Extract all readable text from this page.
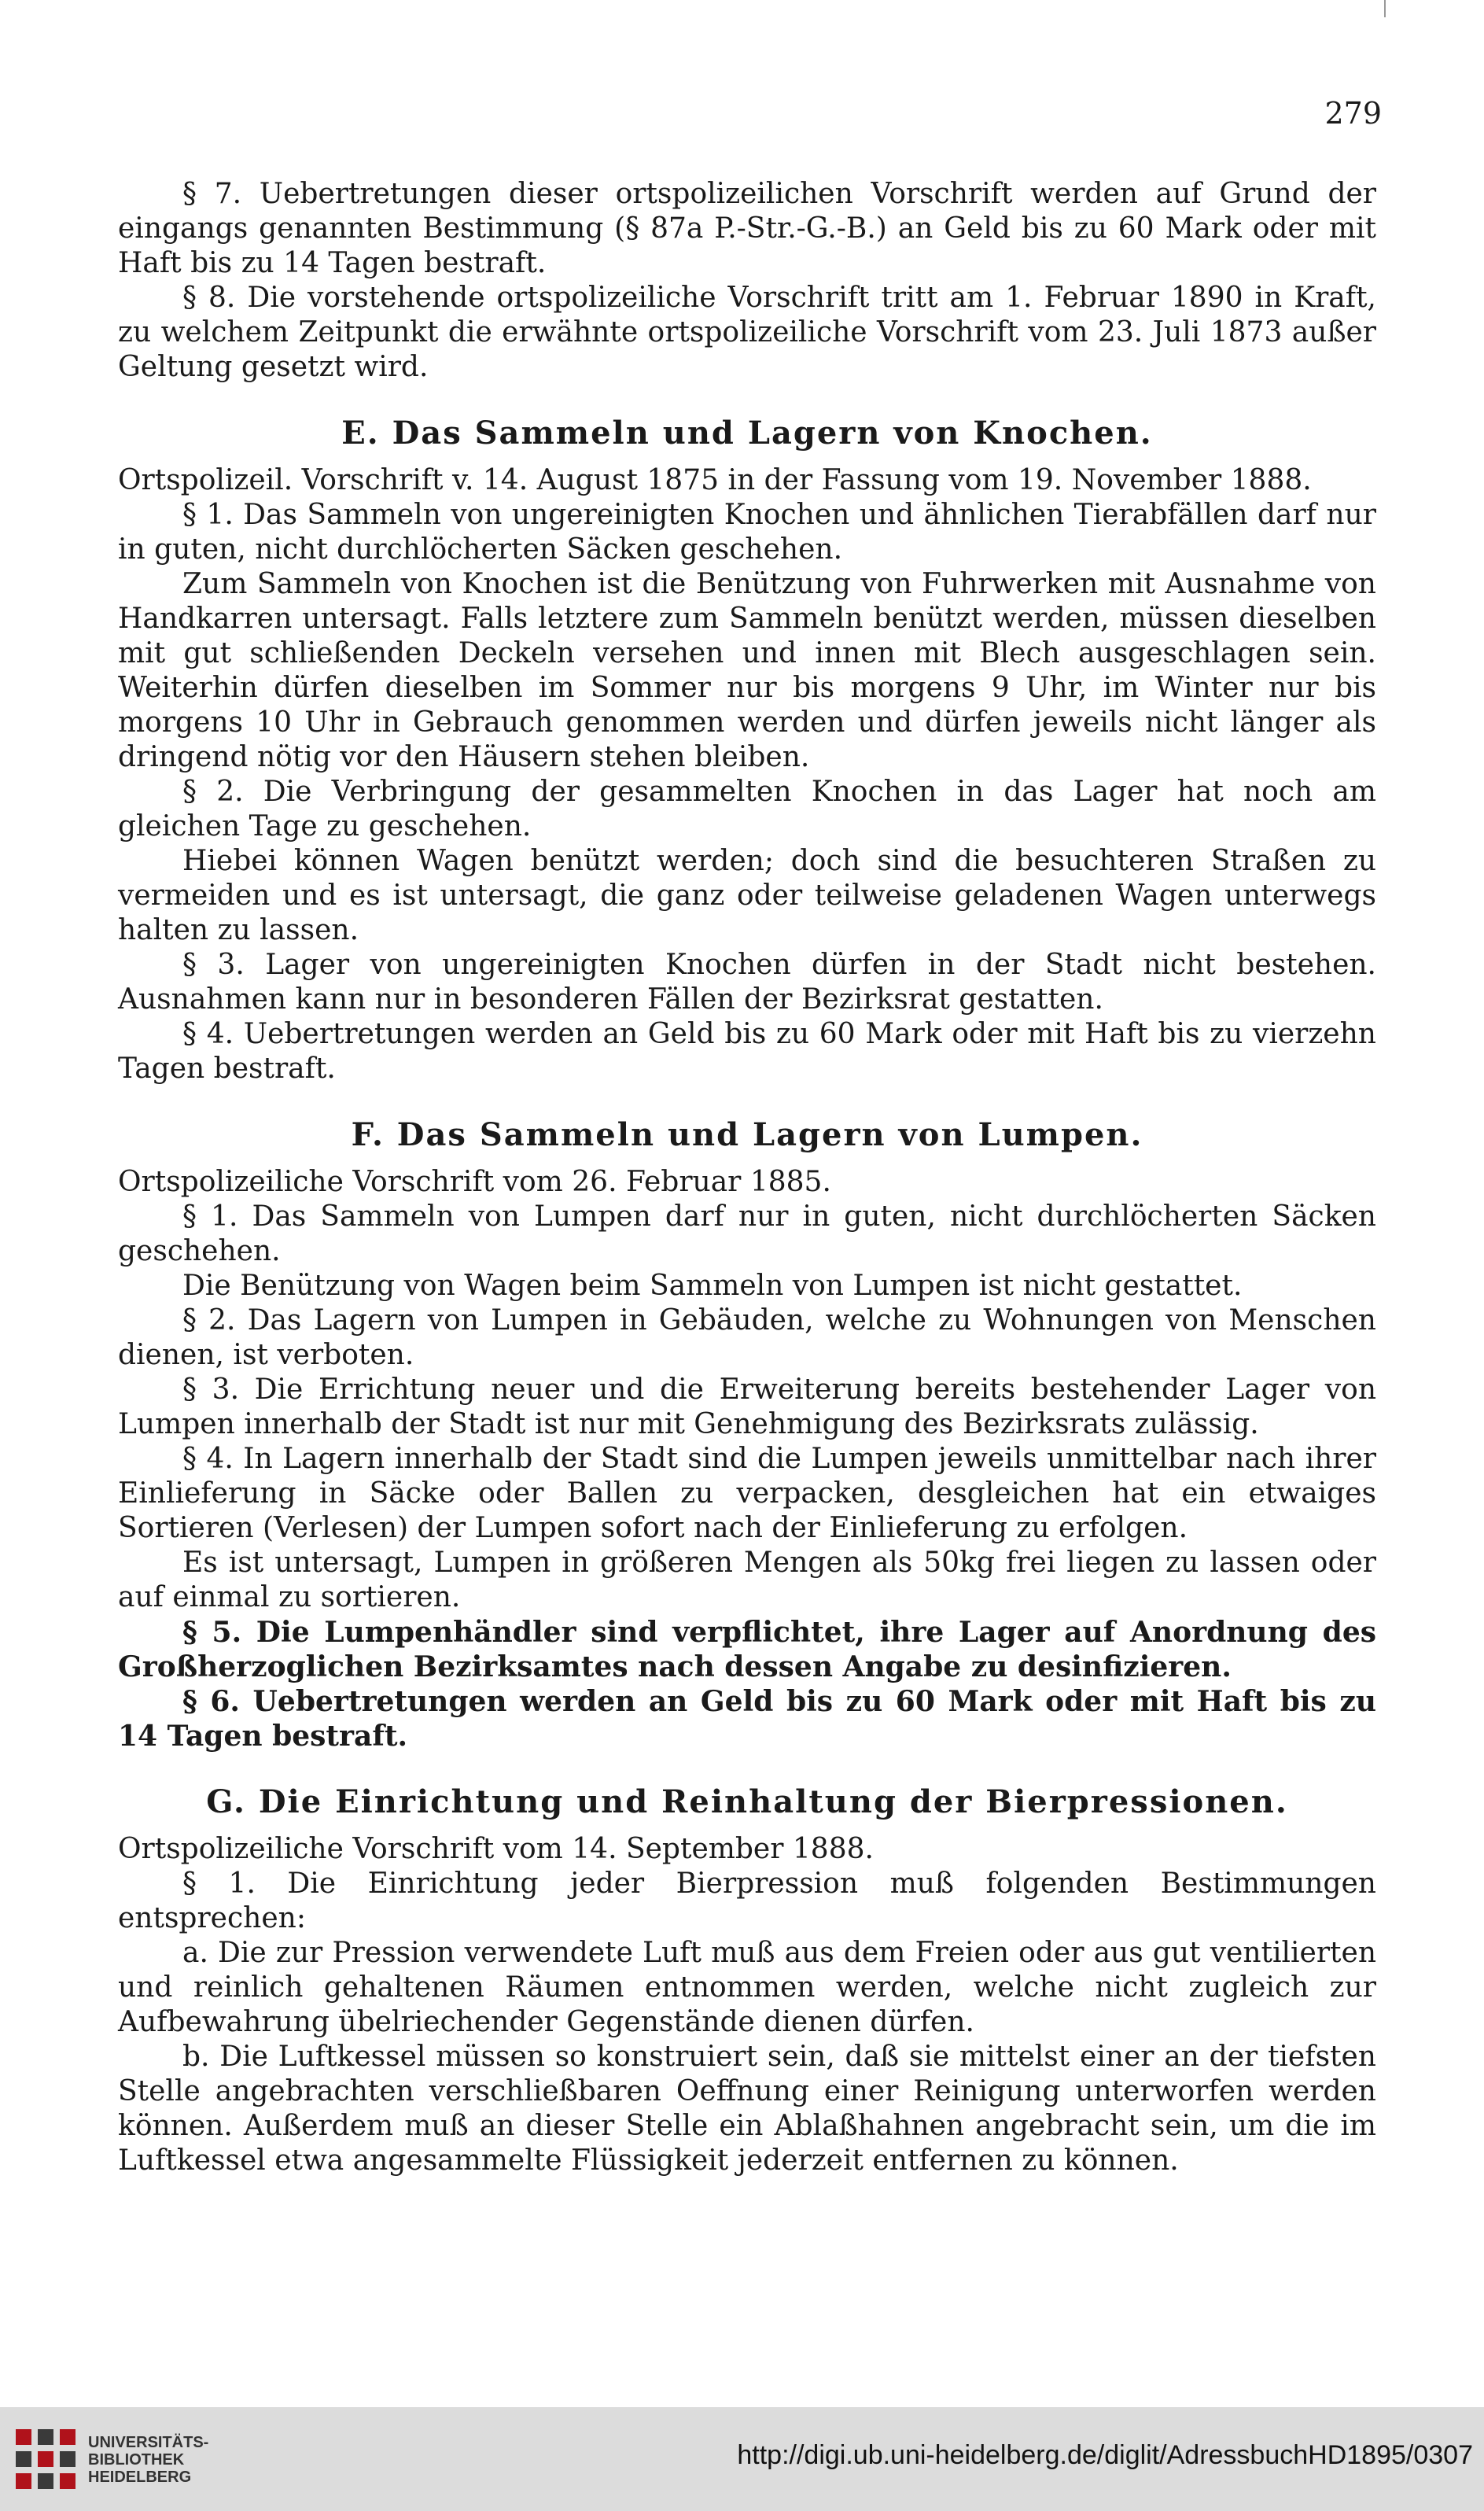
279

§ 7. Uebertretungen dieser ortspolizeilichen Vorschrift werden auf Grund der eingangs genannten Bestimmung (§ 87a P.-Str.-G.-B.) an Geld bis zu 60 Mark oder mit Haft bis zu 14 Tagen bestraft.

§ 8. Die vorstehende ortspolizeiliche Vorschrift tritt am 1. Februar 1890 in Kraft, zu welchem Zeitpunkt die erwähnte ortspolizeiliche Vorschrift vom 23. Juli 1873 außer Geltung gesetzt wird.

E. Das Sammeln und Lagern von Knochen.

Ortspolizeil. Vorschrift v. 14. August 1875 in der Fassung vom 19. November 1888.

§ 1. Das Sammeln von ungereinigten Knochen und ähnlichen Tierabfällen darf nur in guten, nicht durchlöcherten Säcken geschehen.

Zum Sammeln von Knochen ist die Benützung von Fuhrwerken mit Ausnahme von Handkarren untersagt. Falls letztere zum Sammeln benützt werden, müssen dieselben mit gut schließenden Deckeln versehen und innen mit Blech ausgeschlagen sein. Weiterhin dürfen dieselben im Sommer nur bis morgens 9 Uhr, im Winter nur bis morgens 10 Uhr in Gebrauch genommen werden und dürfen jeweils nicht länger als dringend nötig vor den Häusern stehen bleiben.

§ 2. Die Verbringung der gesammelten Knochen in das Lager hat noch am gleichen Tage zu geschehen.

Hiebei können Wagen benützt werden; doch sind die besuchteren Straßen zu vermeiden und es ist untersagt, die ganz oder teilweise geladenen Wagen unterwegs halten zu lassen.

§ 3. Lager von ungereinigten Knochen dürfen in der Stadt nicht bestehen. Ausnahmen kann nur in besonderen Fällen der Bezirksrat gestatten.

§ 4. Uebertretungen werden an Geld bis zu 60 Mark oder mit Haft bis zu vierzehn Tagen bestraft.

F. Das Sammeln und Lagern von Lumpen.

Ortspolizeiliche Vorschrift vom 26. Februar 1885.

§ 1. Das Sammeln von Lumpen darf nur in guten, nicht durchlöcherten Säcken geschehen.

Die Benützung von Wagen beim Sammeln von Lumpen ist nicht gestattet.

§ 2. Das Lagern von Lumpen in Gebäuden, welche zu Wohnungen von Menschen dienen, ist verboten.

§ 3. Die Errichtung neuer und die Erweiterung bereits bestehender Lager von Lumpen innerhalb der Stadt ist nur mit Genehmigung des Bezirksrats zulässig.

§ 4. In Lagern innerhalb der Stadt sind die Lumpen jeweils unmittelbar nach ihrer Einlieferung in Säcke oder Ballen zu verpacken, desgleichen hat ein etwaiges Sortieren (Verlesen) der Lumpen sofort nach der Einlieferung zu erfolgen.

Es ist untersagt, Lumpen in größeren Mengen als 50kg frei liegen zu lassen oder auf einmal zu sortieren.

§ 5. Die Lumpenhändler sind verpflichtet, ihre Lager auf Anordnung des Großherzoglichen Bezirksamtes nach dessen Angabe zu desinfizieren.

§ 6. Uebertretungen werden an Geld bis zu 60 Mark oder mit Haft bis zu 14 Tagen bestraft.

G. Die Einrichtung und Reinhaltung der Bierpressionen.

Ortspolizeiliche Vorschrift vom 14. September 1888.

§ 1. Die Einrichtung jeder Bierpression muß folgenden Bestimmungen entsprechen:

a. Die zur Pression verwendete Luft muß aus dem Freien oder aus gut ventilierten und reinlich gehaltenen Räumen entnommen werden, welche nicht zugleich zur Aufbewahrung übelriechender Gegenstände dienen dürfen.

b. Die Luftkessel müssen so konstruiert sein, daß sie mittelst einer an der tiefsten Stelle angebrachten verschließbaren Oeffnung einer Reinigung unterworfen werden können. Außerdem muß an dieser Stelle ein Ablaßhahnen angebracht sein, um die im Luftkessel etwa angesammelte Flüssigkeit jederzeit entfernen zu können.

UNIVERSITÄTS-
BIBLIOTHEK
HEIDELBERG
http://digi.ub.uni-heidelberg.de/diglit/AdressbuchHD1895/0307
